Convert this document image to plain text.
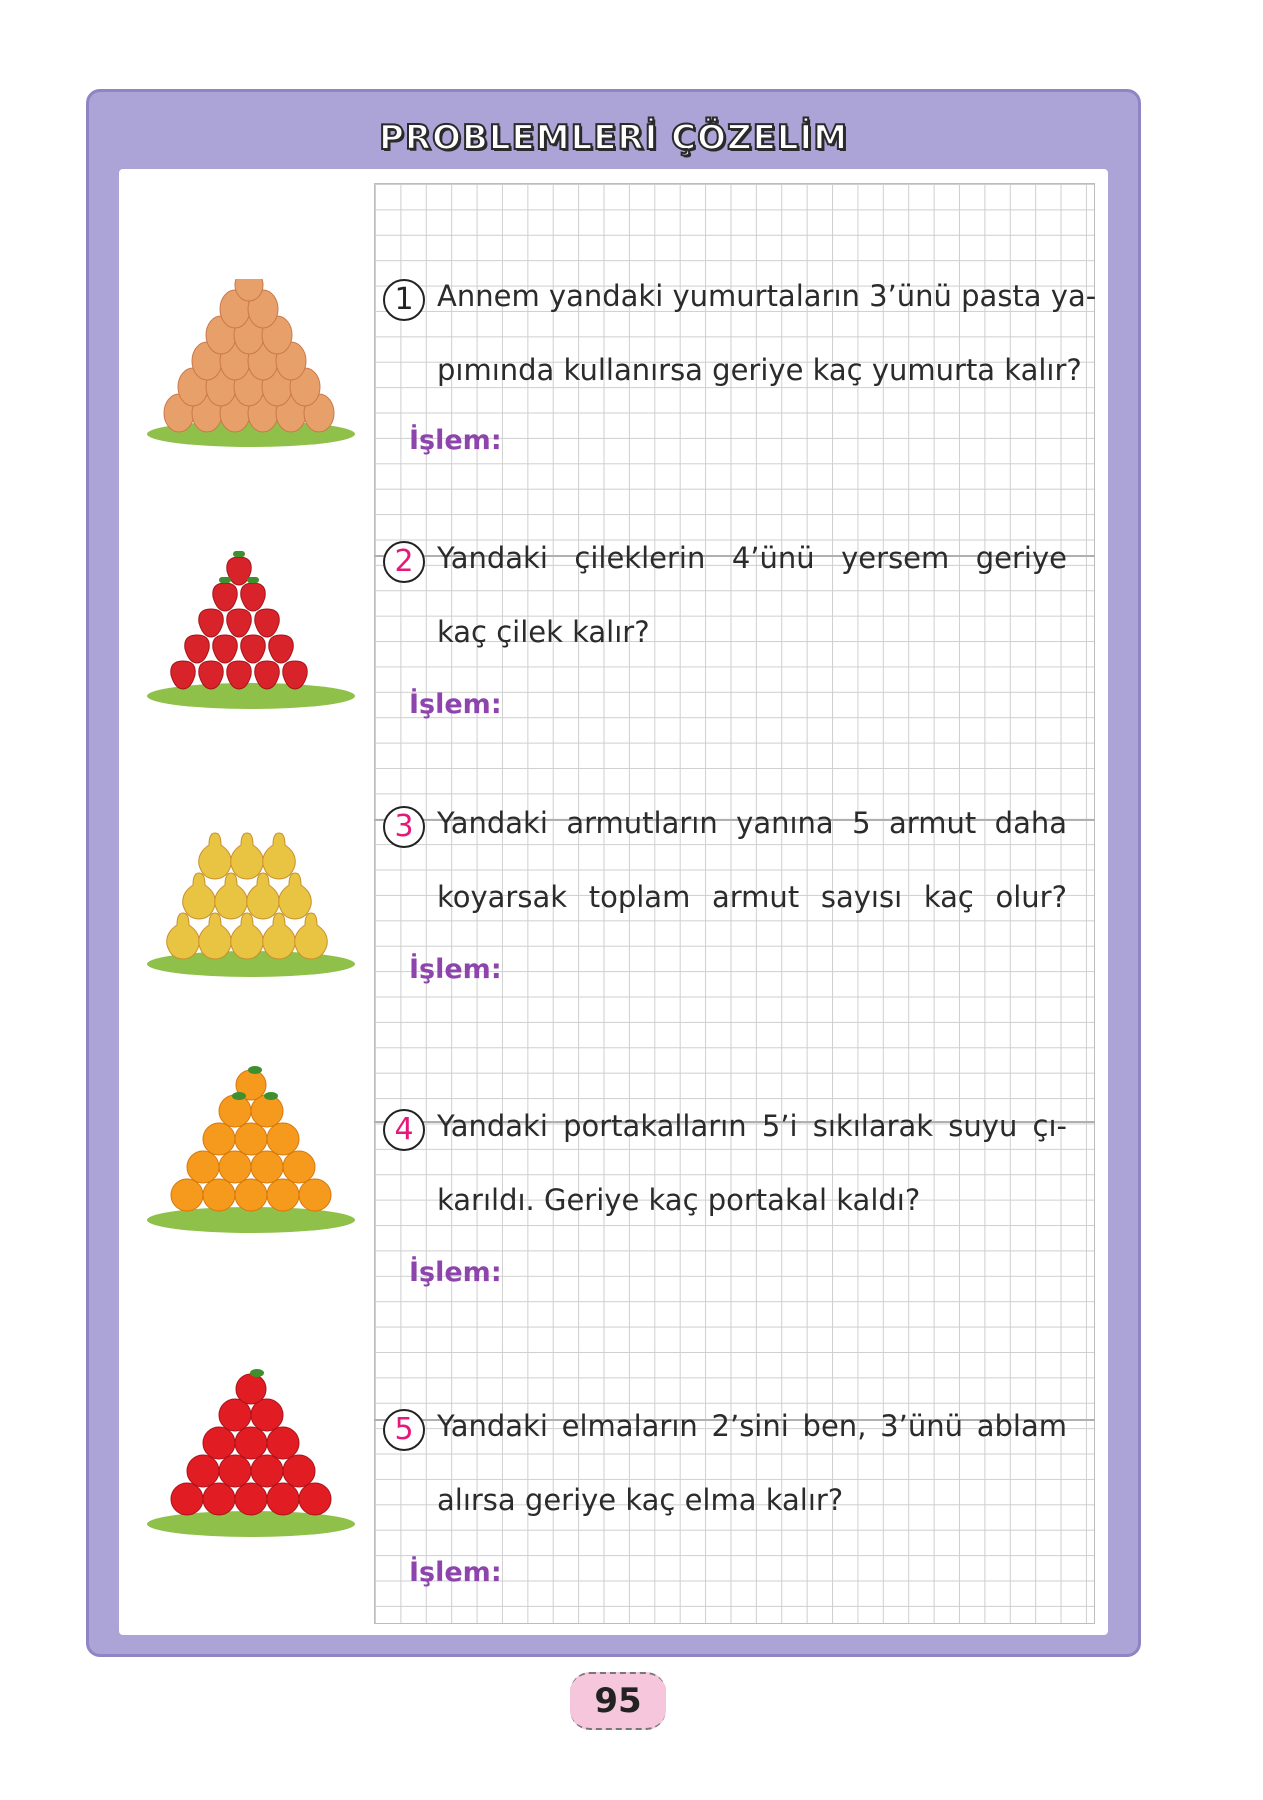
PROBLEMLERİ ÇÖZELİM
1 Annem yandaki yumurtaların 3’ünü pasta ya-
pımında kullanırsa geriye kaç yumurta kalır?
İşlem:
2 Yandaki çileklerin 4’ünü yersem geriye
kaç çilek kalır?
İşlem:
3 Yandaki armutların yanına 5 armut daha
koyarsak toplam armut sayısı kaç olur?
İşlem:
4 Yandaki portakalların 5’i sıkılarak suyu çı-
karıldı. Geriye kaç portakal kaldı?
İşlem:
5 Yandaki elmaların 2’sini ben, 3’ünü ablam
alırsa geriye kaç elma kalır?
İşlem:
95
